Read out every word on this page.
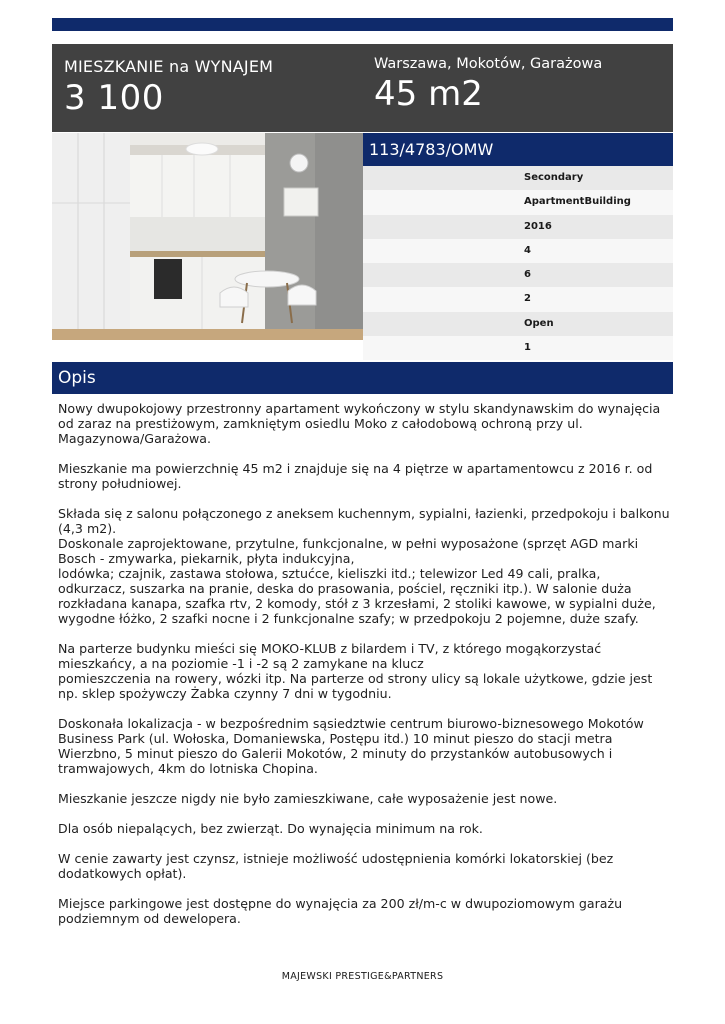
MIESZKANIE na WYNAJEM
3 100
Warszawa, Mokotów, Garażowa
45 m2
113/4783/OMW
Secondary
ApartmentBuilding
2016
4
6
2
Open
1
Opis

Nowy dwupokojowy przestronny apartament wykończony w stylu skandynawskim do wynajęcia od zaraz na prestiżowym, zamkniętym osiedlu Moko z całodobową ochroną przy ul. Magazynowa/Garażowa.

Mieszkanie ma powierzchnię 45 m2 i znajduje się na 4 piętrze w apartamentowcu z 2016 r. od strony południowej.

Składa się z salonu połączonego z aneksem kuchennym, sypialni, łazienki, przedpokoju i balkonu (4,3 m2).
Doskonale zaprojektowane, przytulne, funkcjonalne, w pełni wyposażone (sprzęt AGD marki Bosch - zmywarka, piekarnik, płyta indukcyjna,
lodówka; czajnik, zastawa stołowa, sztućce, kieliszki itd.; telewizor Led 49 cali, pralka, odkurzacz, suszarka na pranie, deska do prasowania, pościel, ręczniki itp.). W salonie duża rozkładana kanapa, szafka rtv, 2 komody, stół z 3 krzesłami, 2 stoliki kawowe, w sypialni duże, wygodne łóżko, 2 szafki nocne i 2 funkcjonalne szafy; w przedpokoju 2 pojemne, duże szafy.

Na parterze budynku mieści się MOKO-KLUB z bilardem i TV, z którego mogąkorzystać mieszkańcy, a na poziomie -1 i -2 są 2 zamykane na klucz
pomieszczenia na rowery, wózki itp. Na parterze od strony ulicy są lokale użytkowe, gdzie jest np. sklep spożywczy Żabka czynny 7 dni w tygodniu.

Doskonała lokalizacja - w bezpośrednim sąsiedztwie centrum biurowo-biznesowego Mokotów Business Park (ul. Wołoska, Domaniewska, Postępu itd.) 10 minut pieszo do stacji metra Wierzbno, 5 minut pieszo do Galerii Mokotów, 2 minuty do przystanków autobusowych i tramwajowych, 4km do lotniska Chopina.

Mieszkanie jeszcze nigdy nie było zamieszkiwane, całe wyposażenie jest nowe.

Dla osób niepalących, bez zwierząt. Do wynajęcia minimum na rok.

W cenie zawarty jest czynsz, istnieje możliwość udostępnienia komórki lokatorskiej (bez dodatkowych opłat).

Miejsce parkingowe jest dostępne do wynajęcia za 200 zł/m-c w dwupoziomowym garażu podziemnym od dewelopera.

MAJEWSKI PRESTIGE&PARTNERS
